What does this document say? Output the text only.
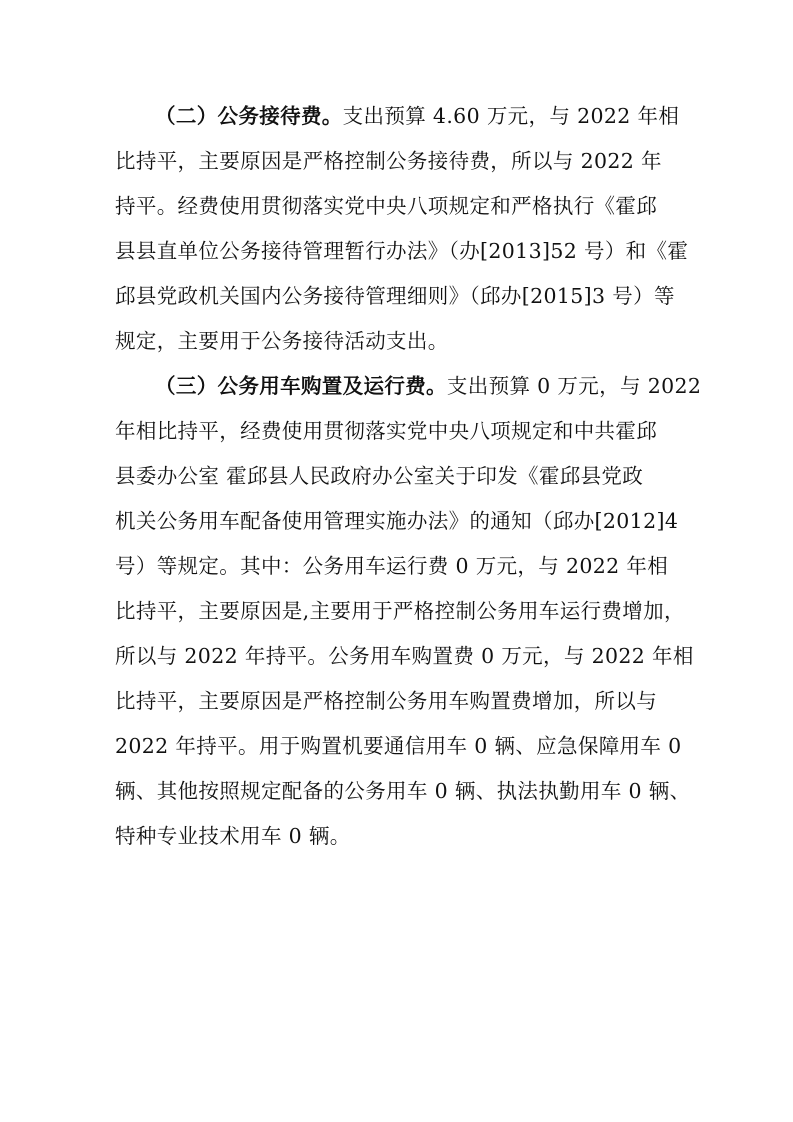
（二）公务接待费。支出预算 4.60 万元，与 2022 年相
比持平，主要原因是严格控制公务接待费，所以与 2022 年
持平。经费使用贯彻落实党中央八项规定和严格执行《霍邱
县县直单位公务接待管理暂行办法》（办[2013]52 号）和《霍
邱县党政机关国内公务接待管理细则》（邱办[2015]3 号）等
规定，主要用于公务接待活动支出。
（三）公务用车购置及运行费。支出预算 0 万元，与 2022
年相比持平，经费使用贯彻落实党中央八项规定和中共霍邱
县委办公室 霍邱县人民政府办公室关于印发《霍邱县党政
机关公务用车配备使用管理实施办法》的通知（邱办[2012]4
号）等规定。其中：公务用车运行费 0 万元，与 2022 年相
比持平，主要原因是,主要用于严格控制公务用车运行费增加，
所以与 2022 年持平。公务用车购置费 0 万元，与 2022 年相
比持平，主要原因是严格控制公务用车购置费增加，所以与
2022 年持平。用于购置机要通信用车 0 辆、应急保障用车 0
辆、其他按照规定配备的公务用车 0 辆、执法执勤用车 0 辆、
特种专业技术用车 0 辆。
